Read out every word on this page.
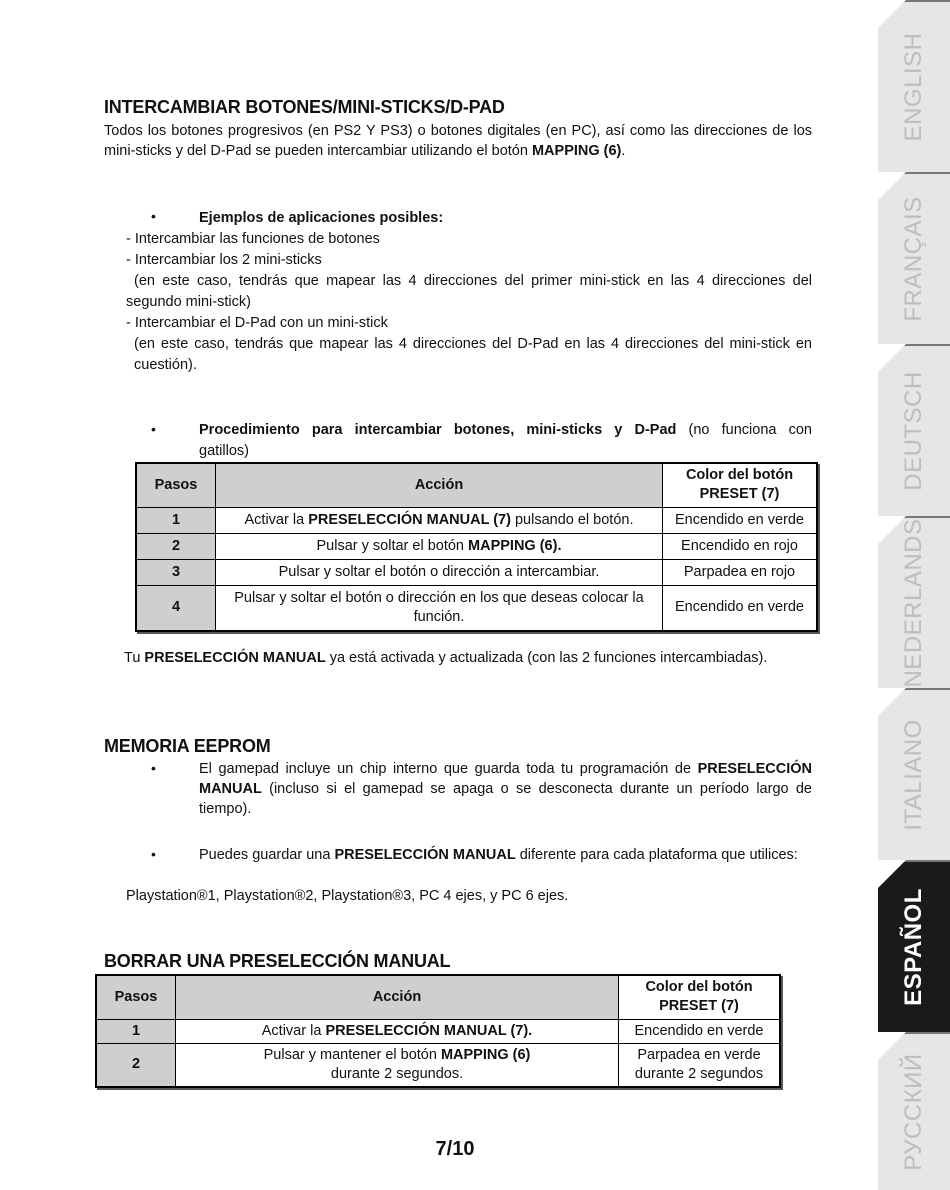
INTERCAMBIAR BOTONES/MINI-STICKS/D-PAD
Todos los botones progresivos (en PS2 Y PS3) o botones digitales (en PC), así como las direcciones de los mini-sticks y del D-Pad se pueden intercambiar utilizando el botón MAPPING (6).
•	Ejemplos de aplicaciones posibles:
- Intercambiar las funciones de botones
- Intercambiar los 2 mini-sticks
(en este caso, tendrás que mapear las 4 direcciones del primer mini-stick en las 4 direcciones del
segundo mini-stick)
- Intercambiar el D-Pad con un mini-stick
(en este caso, tendrás que mapear las 4 direcciones del D-Pad en las 4 direcciones del mini-stick en
cuestión).
•	Procedimiento para intercambiar botones, mini-sticks y D-Pad (no funciona con
gatillos)
Pasos	Acción	Color del botón PRESET (7)
1	Activar la PRESELECCIÓN MANUAL (7) pulsando el botón.	Encendido en verde
2	Pulsar y soltar el botón MAPPING (6).	Encendido en rojo
3	Pulsar y soltar el botón o dirección a intercambiar.	Parpadea en rojo
4	Pulsar y soltar el botón o dirección en los que deseas colocar la función.	Encendido en verde
Tu PRESELECCIÓN MANUAL ya está activada y actualizada (con las 2 funciones intercambiadas).
MEMORIA EEPROM
•	El gamepad incluye un chip interno que guarda toda tu programación de PRESELECCIÓN MANUAL (incluso si el gamepad se apaga o se desconecta durante un período largo de tiempo).
•	Puedes guardar una PRESELECCIÓN MANUAL diferente para cada plataforma que utilices:
Playstation®1, Playstation®2, Playstation®3, PC 4 ejes, y PC 6 ejes.
BORRAR UNA PRESELECCIÓN MANUAL
Pasos	Acción	Color del botón PRESET (7)
1	Activar la PRESELECCIÓN MANUAL (7).	Encendido en verde
2	Pulsar y mantener el botón MAPPING (6)
durante 2 segundos.	Parpadea en verde
durante 2 segundos
7/10
ENGLISH
FRANÇAIS
DEUTSCH
NEDERLANDS
ITALIANO
ESPAÑOL
РУССКИЙ
